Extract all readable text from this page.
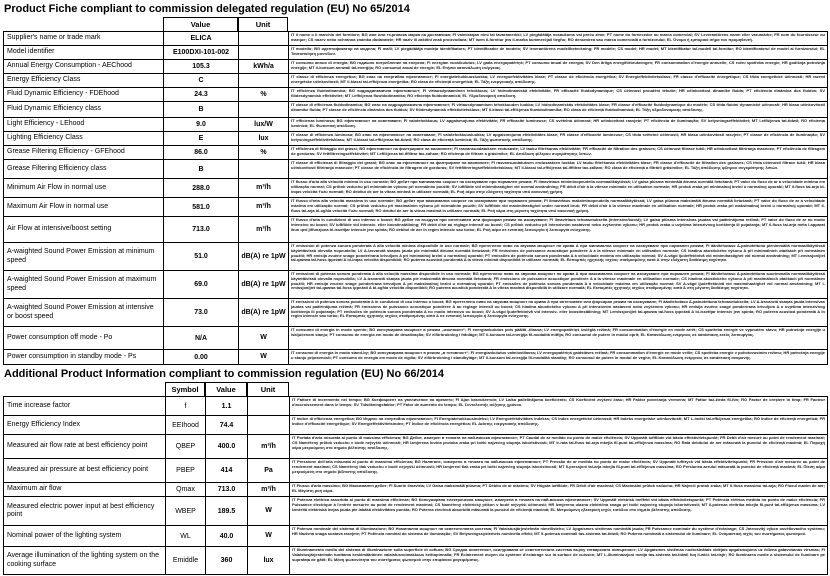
Product Fiche compliant to commission delegated regulation (EU) No 65/2014
Value	Unit
Supplier's name or trade mark	ELICA		IT il nome o il marchio del fornitore; BG име или търговска марка на доставчика; FI valmistajan nimi tai tavaramerkki; LV piegādātāja nosaukums vai preču zīme; PT nome do fornecedor ou marca comercial; SV Leverantörens namn eller varumärke; FR nom du fournisseur ou marque; CS název nebo ochranná známka dodavatele; HR naziv ili zaštitni znak proizvođača; MT isem il-fornitur jew il-marka kummerċjali tiegħu; RO denumirea sau marca comercială a furnizorului; EL Όνομα ή εμπορικό σήμα του προμηθευτή.
Model identifier	E100DXI-101-002		IT modello; BG идентификатор на модела; FI malli; LV piegādātāja modeļa identifikators; PT identificador de modelo; SV leverantörens modellbeteckning; FR modèle; CS model; HR model; MT Identifikatur tal-mudell tal-fornitur; RO identificatorul de model al furnizorului; EL Ταυτοποίηση μοντέλου.
Annual Energy Consumption - AEChood	105.3	kWh/a	IT consumo annuo di energia; BG годишно потребление на енергия; FI energian vuosikulutus; LV gada energopatēriņš; PT consumo anual de energia; SV Den årliga energiförbrukningen; FR consommation d'énergie annuelle; CS roční spotřeba energie; HR godišnja potrošnja energije; MT il-konsum annwali tal-enerġija; RO consumul anual de energie; EL Ετήσια κατανάλωση ενέργειας.
Energy Efficiency Class	C		IT classe di efficienza energetica; BG клас на енергийна ефективност; FI energiatehokkuusluokka; LV energoefektivitātes klase; PT classe de eficiência energética; SV Energieffektivitetsklass; FR classe d'efficacité énergétique; CS třída energetické účinnosti; HR razred energetske učinkovitosti; MT il-klassi tal-effiċjenza enerġetika; RO clasa de eficiență energetică; EL Τάξη ενεργειακής απόδοσης.
Fluid Dynamic Efficiency - FDEhood	24.3	%	IT efficienza fluidodinamica; BG хидродинамична ефективност; FI virtausdynaaminen tehokkuus; LV hidrodinamiskā efektivitāte; FR efficacité fluidodynamique; CS účinnost proudění tekutin; HR učinkovitost dinamike fluida; PT eficiência dinâmica dos fluidos; SV flödesdynamisk effektivitet; MT l-effiċjenza fluwidodinamika; RO eficiența fluidodinamică; EL Υδροδυναμική απόδοση.
Fluid Dynamic Efficiency class	B		IT classe di efficienza fluidodinamica; BG клас на хидродинамична ефективност; FI virtausdynaamisen tehokkuuden luokka; LV hidrodinamiskās efektivitātes klase; FR classe d'efficacité fluidodynamique du modèle; CS třída fluidní dynamické účinnosti; HR klasa učinkovitosti dinamike fluida; PT classe de eficiência dinâmica dos fluidos; SV flödesdynamisk effektivitetsklass; MT il-klassi tal-effiċjenza fluwidodinamika; RO clasa de eficiență fluidodinamică; EL Τάξη υδροδυναμικής απόδοσης.
Light Efficiency - LEhood	9.0	lux/W	IT efficienza luminosa; BG ефективност на осветяване; FI valotehokkuus; LV apgaismojuma efektivitāte; FR efficacité lumineuse; CS světelná účinnost; HR učinkovitost rasvjete; PT eficiência de iluminação; SV belysningseffektivitet; MT l-effiċjenza tat-tidwil; RO eficiența luminică; EL Φωτιστική απόδοση.
Lighting Efficiency Class	E	lux	IT classe di efficienza luminosa; BG клас на ефективност на осветяване; FI valotehokkuusluokka; LV apgaismojuma efektivitātes klase; FR classe d'efficacité lumineuse; CS třída světelné účinnosti; HR klasa učinkovitosti rasvjete; PT classe de eficiência de iluminação; SV belysningseffektivitetsklass; MT il-klassi tal-effiċjenza tat-tidwil; RO clasa de eficiență luminică; EL Τάξη φωτιστικής απόδοσης.
Grease Filtering Efficiency - GFEhood	86.0	%	IT efficienza di filtraggio dei grassi; BG ефективност на филтриране на мазнините; FI rasvansuodatuksen erotusaste; LV tauku filtrēšanas efektivitāte; FR efficacité de filtration des graisses; CS účinnost filtrace tuků; HR učinkovitost filtriranja masnoće; PT eficiência de filtragem de gorduras; SV fettfiltreringseffektivitet; MT l-effiċjenza tal-iffiltrar tax-xaħam; RO eficiența de filtrare a grăsimilor; EL Απόδοση φίλτρου συγκράτησης λιπών.
Grease Filtering Efficiency class	B		IT classe di efficienza di filtraggio dei grassi; BG клас на ефективност на филтриране на мазнините; FI rasvansuodatuksen erotusasteen luokka; LV tauku filtrēšanas efektivitātes klase; FR classe d'efficacité de filtration des graisses; CS třída účinnosti filtrace tuků; HR klasa učinkovitosti filtriranja masnoće; PT classe de eficiência de filtragem de gorduras; SV fettfiltreringseffektivitetsklass; MT il-klassi tal-effiċjenza tal-iffiltrar tax-xaħam; RO clasa de eficiență a filtrării grăsimilor; EL Τάξη απόδοσης φίλτρου συγκράτησης λιπών.
Minimum Air Flow in normal use	288.0	m³/h	IT flusso d'aria alla velocità minima in uso normale; BG дебит при минимална скорост на изсмукване при нормален режим; FI ilmavirtaus miniminopeudella normaalikäytössä; LV gaisa plūsma minimālā ātruma normālā lietošanā; PT valor do fluxo de ar à velocidade mínima em utilização normal; CS průtok vzduchu při minimálním výkonu při normálním použití; SV luftflöde vid minimihastighet vid normal användning; FR débit d'air à la vitesse minimale en utilisation normale; HR protok zraka pri minimalnoj brzini u normalnoj uporabi; MT il-fluss tal-arja bl-inqas veloċità f'użu normali; RO debitul de aer la viteza minimă în utilizare normală; EL Ροή αέρα στην ελάχιστη ταχύτητα υπό κανονική χρήση.
Maximum Air Flow in normal use	581.0	m³/h	IT flusso d'aria alla velocità massima in uso normale; BG дебит при максимална скорост на изсмукване при нормален режим; FI ilmavirtaus maksiminopeudella normaalikäytössä; LV gaisa plūsma maksimālā ātruma normālā lietošanā; PT valor do fluxo de ar à velocidade máxima em utilização normal; CS průtok vzduchu při maximálním výkonu při normálním použití; SV luftflöde vid maximihastighet under normalt bruk; FR débit d'air à la vitesse maximale en utilisation normale; HR protok zraka pri maksimalnoj brzini u normalnoj uporabi; MT il-fluss tal-arja bl-ogħla veloċità f'użu normali; RO debitul de aer la viteza maximă în utilizare normală; EL Ροή αέρα στη μέγιστη ταχύτητα υπό κανονική χρήση.
Air Flow at intensive/boost setting	713.0	m³/h	IT flusso d'aria in condizioni di uso intenso o boost; BG дебит на въздуха при интензивен или форсиран режим на изсмукване; FI ilmavirtaus tehoasetuksella (intensive/boost); LV gaisa plūsma intensīvas jaudas vai paātrinājuma režīmā; PT valor do fluxo de ar no modo intensivo ou boost; SV luftflöde vid intensiv- eller boostinställning; FR débit d'air au réglage intensif ou boost; CS průtok vzduchu při intenzivním nastavení nebo zvýšeném výkonu; HR protok zraka u uvjetima intenzivnog korištenja ili pojačanja; MT il-fluss tal-arja meta l-apparat ikun qed jiffunzjona bl-issettjar intensiv jew spinta; RO debitul de aer în regim intensiv sau turbo; EL Ροή αέρα σε εντατική λειτουργία ή λειτουργία ενίσχυσης.
A-waighted Sound Power Emission at minimum speed	51.0	dB(A) re 1pW	IT emissioni di potenza sonora ponderata A alla velocità minima disponibile in uso normale; BG претеглено ниво на звукова мощност по крива А при минимална скорост на изсмукване при нормален режим; FI äänitehotaso A-painotettuna pienimmällä normaalikäytössä käytettävissä olevalla nopeudella; LV A-izsvarotā skaņas jauda pie minimālā ātruma normālā lietošanā; FR émissions de puissance acoustique pondérée A à la vitesse minimale en utilisation normale; CS hladina akustického výkonu A při minimálních otáčkách při normálním použití; HR emisija zvučne snage ponderirana krivuljom A pri minimalnoj brzini u normalnoj uporabi; PT emissões de potência sonora ponderada A à velocidade mínima em utilização normal; SV A-vägd ljudeffektnivå vid minimihastighet vid normal användning; MT l-emissjonijiet tal-qawwa tal-ħoss ippeżati A bl-inqas veloċità disponibbli; RO puterea acustică ponderată A la viteza minimă disponibilă în utilizare normală; EL Εκπομπές ηχητικής ισχύος σταθμισμένης κατά Α στην ελάχιστη διαθέσιμη ταχύτητα.
A-waighted Sound Power Emission at maximum speed	69.0	dB(A) re 1pW	IT emissioni di potenza sonora ponderata A alla velocità massima disponibile in uso normale; BG претеглено ниво на звукова мощност по крива А при максимална скорост на изсмукване при нормален режим; FI äänitehotaso A-painotettuna suurimmalla normaalikäytössä käytettävissä olevalla nopeudella; LV A-izsvarotā skaņas jauda pie maksimālā ātruma normālā lietošanā; FR émissions de puissance acoustique pondérée A à la vitesse maximale en utilisation normale; CS hladina akustického výkonu A při maximálních otáčkách při normálním použití; HR emisija zvučne snage ponderirana krivuljom A pri maksimalnoj brzini u normalnoj uporabi; PT emissões de potência sonora ponderada A à velocidade máxima em utilização normal; SV A-vägd ljudeffektnivå vid maximihastighet vid normal användning; MT l-emissjonijiet tal-qawwa tal-ħoss ippeżati A bl-ogħla veloċità disponibbli; RO puterea acustică ponderată A la viteza maximă disponibilă în utilizare normală; EL Εκπομπές ηχητικής ισχύος σταθμισμένης κατά Α στη μέγιστη διαθέσιμη ταχύτητα.
A-waighted Sound Power Emission at intensive or boost speed	73.0	dB(A) re 1pW	IT emissioni di potenza sonora ponderata A in condizioni di uso intenso o boost; BG претеглено ниво на звукова мощност по крива А при интензивен или форсиран режим на изсмукване; FI äänitehotaso A-painotettuna tehoasetuksella; LV A-izsvarotā skaņas jauda intensīvas jaudas vai paātrinājuma režīmā; FR émissions de puissance acoustique pondérée A au réglage intensif ou boost; CS hladina akustického výkonu A při intenzivním nastavení nebo zvýšeném výkonu; HR emisija zvučne snage ponderirana krivuljom A u uvjetima intenzivnog korištenja ili pojačanja; PT emissões de potência sonora ponderada A no modo intensivo ou boost; SV A-vägd ljudeffektnivå vid intensiv- eller boostinställning; MT l-emissjonijiet tal-qawwa tal-ħoss ippeżati A bl-issettjar intensiv jew spinta; RO puterea acustică ponderată A în regim intensiv sau turbo; EL Εκπομπές ηχητικής ισχύος σταθμισμένης κατά Α σε εντατική λειτουργία ή λειτουργία ενίσχυσης.
Power consumption off mode - Po	N/A	W	IT consumo di energia in modo spento; BG консумирана мощност в режим „изключен“; FI energiankulutus pois päältä -tilassa; LV energopatēriņš izslēgtā režīmā; FR consommation d'énergie en mode arrêt; CS spotřeba energie ve vypnutém stavu; HR potrošnja energije u isključenom stanju; PT consumo de energia em modo de desativação; SV elförbrukning i frånläge; MT il-konsum tal-enerġija fil-modalità mitfija; RO consumul de putere în modul oprit; EL Κατανάλωση ενέργειας σε κατάσταση εκτός λειτουργίας.
Power consumption in standby mode - Ps	0.00	W	IT consumo di energia in modo stand-by; BG консумирана мощност в режим „в готовност“; FI energiankulutus valmiustilassa; LV energopatēriņš gaidstāves režīmā; FR consommation d'énergie en mode veille; CS spotřeba energie v pohotovostním režimu; HR potrošnja energije u stanju pripravnosti; PT consumo de energia em modo de vigília; SV elförbrukning i standbyläge; MT il-konsum tal-enerġija fil-modalità standby; RO consumul de putere în modul de veghe; EL Κατανάλωση ενέργειας σε κατάσταση αναμονής.
Additional Product Information compliant to commission regulation (EU) No 66/2014
Symbol	Value	Unit
Time increase factor	f	1.1		IT Fattore di incremento nel tempo; BG Коефициент на увеличение на времето; FI Ajan kasvukerroin; LV Laika palielinājuma koeficients; CS Koeficient zvýšení času; HR Faktor povećanja vremena; MT Fattur taż-żieda fil-ħin; RO Factor de creștere în timp; FR Facteur d'accroissement dans le temps; SV Tidsökningsfaktor; PT Fator de aumento do tempo; EL Συντελεστής αύξησης χρόνου.
Energy Efficiency Index	EEIhood	74.4		IT Indice di efficienza energetica; BG Индекс на енергийна ефективност; FI Energiatehokkuusindeksi; LV Energoefektivitātes indekss; CS Index energetické účinnosti; HR Indeks energetske učinkovitosti; MT L-Indiċi tal-effiċjenza enerġetika; RO Indice de eficiență energetică; FR Indice d'efficacité énergétique; SV Energieffektivitetsindex; PT Índice de eficiência energética; EL Δείκτης ενεργειακής απόδοσης.
Measured air flow rate at best efficiency point	QBEP	400.0	m³/h	IT Portata d'aria misurata al punto di massima efficienza; BG Дебит, измерен в точката на най-висока ефективност; PT Caudal de ar medido no ponto de maior eficiência; SV Uppmätt luftflöde vid bästa effektivitetspunkt; FR Débit d'air mesuré au point de rendement maximal; CS Naměřený průtok vzduchu v bodě nejvyšší účinnosti; HR Izmjerena brzina protoka zraka pri točki najvećeg stupnja iskoristivosti; MT Ir-rata tal-fluss tal-arja mkejla fil-punt tal-effiċjenza massima; RO Rata debitului de aer măsurată la punctul de eficiență maximă; EL Παροχή αέρα μετρούμενη στο σημείο βέλτιστης απόδοσης.
Measured air pressure at best efficiency point	PBEP	414	Pa	IT Pressione dell'aria misurata al punto di massima efficienza; BG Налягане, измерено в точката на най-висока ефективност; PT Pressão de ar medida no ponto de maior eficiência; SV Uppmätt lufttryck vid bästa effektivitetspunkt; FR Pression d'air mesurée au point de rendement maximal; CS Naměřený tlak vzduchu v bodě nejvyšší účinnosti; HR Izmjereni tlak zraka pri točki najvećeg stupnja iskoristivosti; MT Il-pressjoni tal-arja mkejla fil-punt tal-effiċjenza massima; RO Presiunea aerului măsurată la punctul de eficiență maximă; EL Πίεση αέρα μετρούμενη στο σημείο βέλτιστης απόδοσης.
Maximum air flow	Qmax	713.0	m³/h	IT Flusso d'aria massimo; BG Максимален дебит; FI Suurin ilmavirta; LV Gaisa maksimālā plūsma; PT Débito de ar máximo; SV Högsta luftflöde; FR Débit d'air maximal; CS Maximální průtok vzduchu; HR Najveći protok zraka; MT Il-fluss massimu tal-arja; RO Fluxul maxim de aer; EL Μέγιστη ροή αέρα.
Measured electric power input at best efficiency point	WBEP	189.5	W	IT Potenza elettrica assorbita al punto di massima efficienza; BG Консумирана електрическа мощност, измерена в точката на най-висока ефективност; SV Uppmätt elektrisk ineffekt vid bästa effektivitetspunkt; PT Potência elétrica medida no ponto de maior eficiência; FR Puissance électrique à l'entrée mesurée au point de rendement maximal; CS Naměřený elektrický příkon v bodě nejvyšší účinnosti; HR Izmjerena ulazna električna snaga pri točki najvećeg stupnja iskoristivosti; MT Il-potenza elettrika mkejla fil-punt tal-effiċjenza massima; LV Izmērītā elektriskā ieejas jauda pie labākā efektivitātes punkta; RO Puterea electrică absorbită măsurată la punctul de eficiență maximă; EL Μετρούμενη ηλεκτρική ισχύς εισόδου στο σημείο βέλτιστης απόδοσης.
Nominal power of the lighting system	WL	40.0	W	IT Potenza nominale del sistema di illuminazione; BG Номинална мощност на осветителната система; FI Valaistusjärjestelmän nimellisteho; LV Apgaismes sistēmas nominālā jauda; FR Puissance nominale du système d'éclairage; CS Jmenovitý výkon osvětlovacího systému; HR Nazivna snaga sustava rasvjete; PT Potência nominal do sistema de iluminação; SV Belysningssystemets nominella effekt; MT Il-potenza nominali tas-sistema tat-tidwil; RO Puterea nominală a sistemului de iluminare; EL Ονομαστική ισχύς του συστήματος φωτισμού.
Average illumination of the lighting system on the cooking surface	Emiddle	360	lux	IT Illuminamento medio del sistema di illuminazione sulla superficie di cottura; BG Средна осветеност, осигурявана от осветителната система върху готварската повърхност; LV Apgaismes sistēmas nodrošinātais vidējais apgaismojums uz ēdiena gatavošanas virsmas; FI Valaistusjärjestelmän tuottama keskimääräinen valaistusvoimakkuus keittopinnalla; FR Éclairement moyen du système d'éclairage sur la surface de cuisson; MT L-illuminazzjoni medja tas-sistema tat-tidwil fuq il-wiċċ tat-tisjir; RO Iluminarea medie a sistemului de iluminare pe suprafața de gătit; EL Μέση φωτεινότητα του συστήματος φωτισμού στην επιφάνεια μαγειρέματος.
